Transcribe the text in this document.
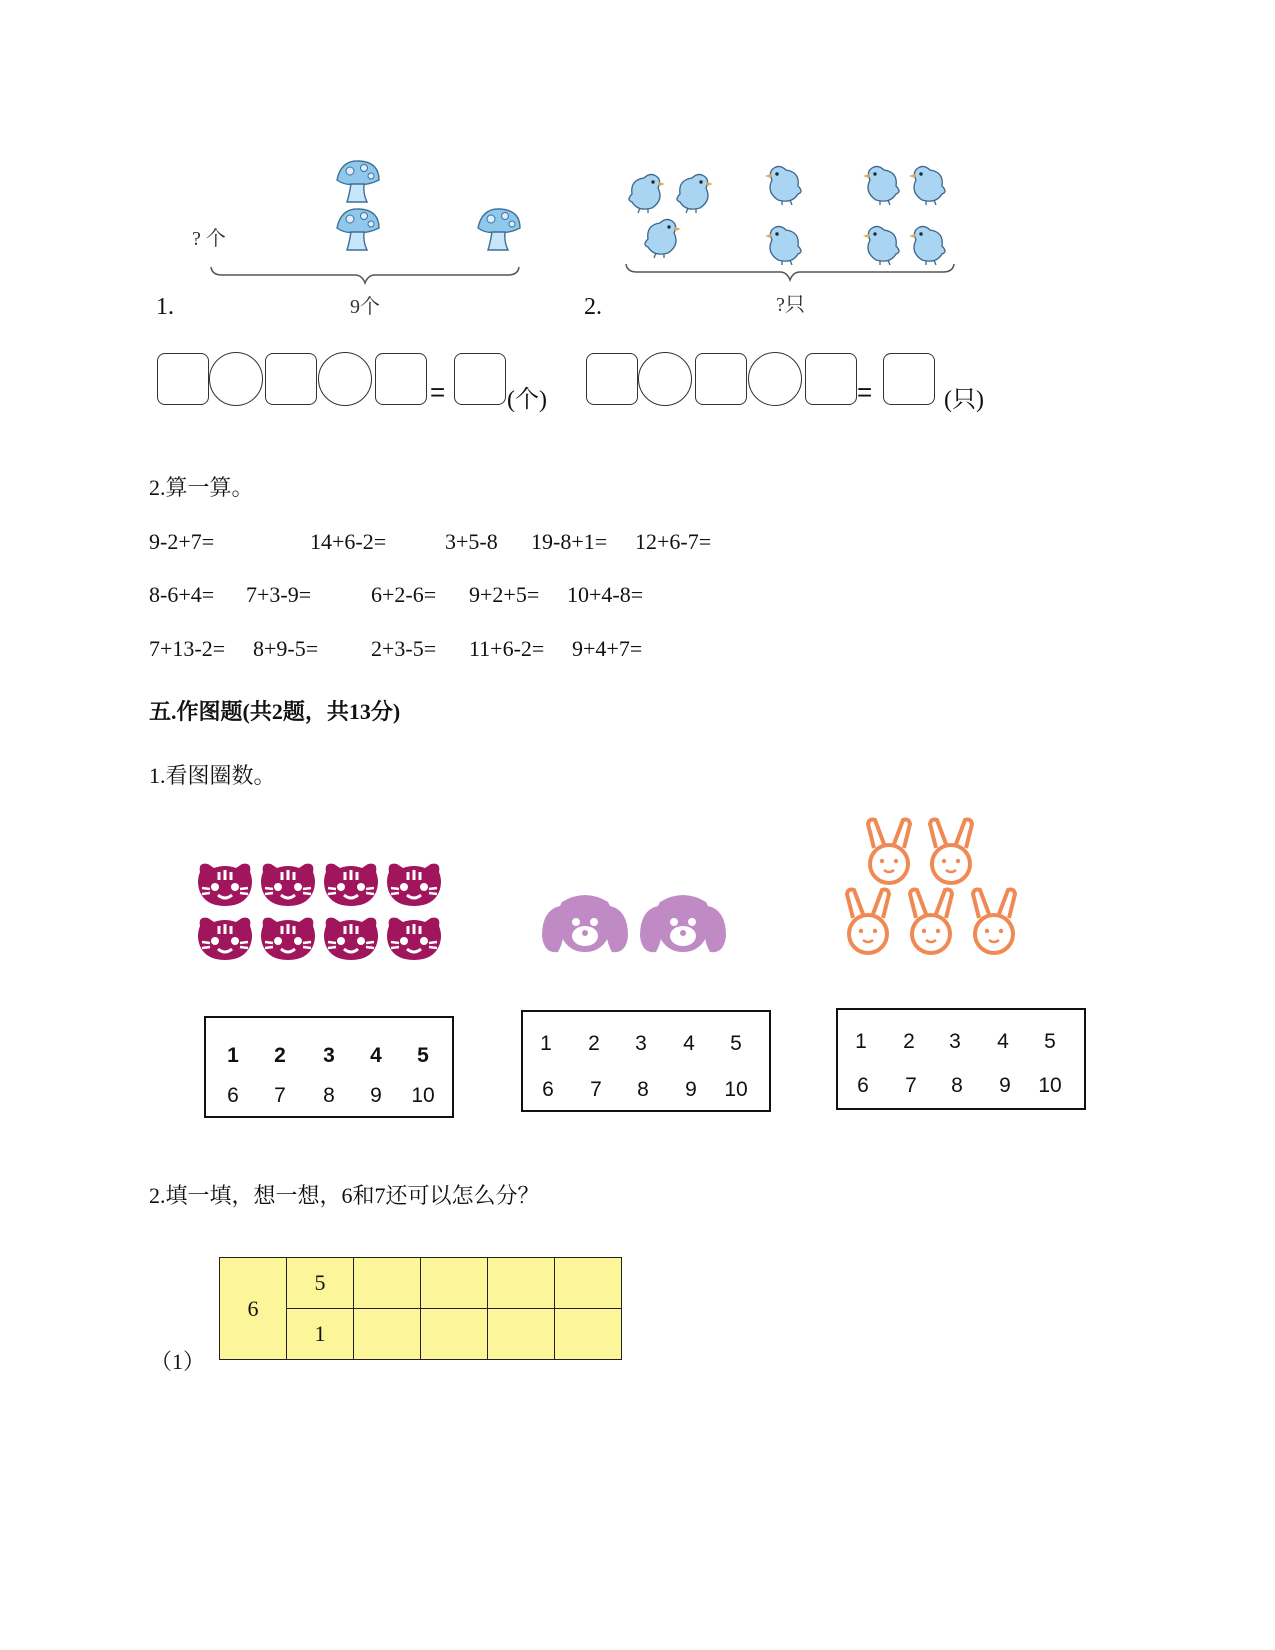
? 个
9个
1.
=	(个)
?只
2.
=	(只)
2.算一算。
9-2+7=	14+6-2=	3+5-8 19-8+1= 12+6-7=
8-6+4= 7+3-9=	6+2-6= 9+2+5= 10+4-8=
7+13-2= 8+9-5= 2+3-5= 11+6-2= 9+4+7=
五.作图题(共2题，共13分)
1.看图圈数。
1	2	3	4	5
6	7	8	9	10
1	2	3	4	5
6	7	8	9	10
1	2	3	4	5
6	7	8	9	10
2.填一填，想一想，6和7还可以怎么分？
（1）
6	5				
	1				
